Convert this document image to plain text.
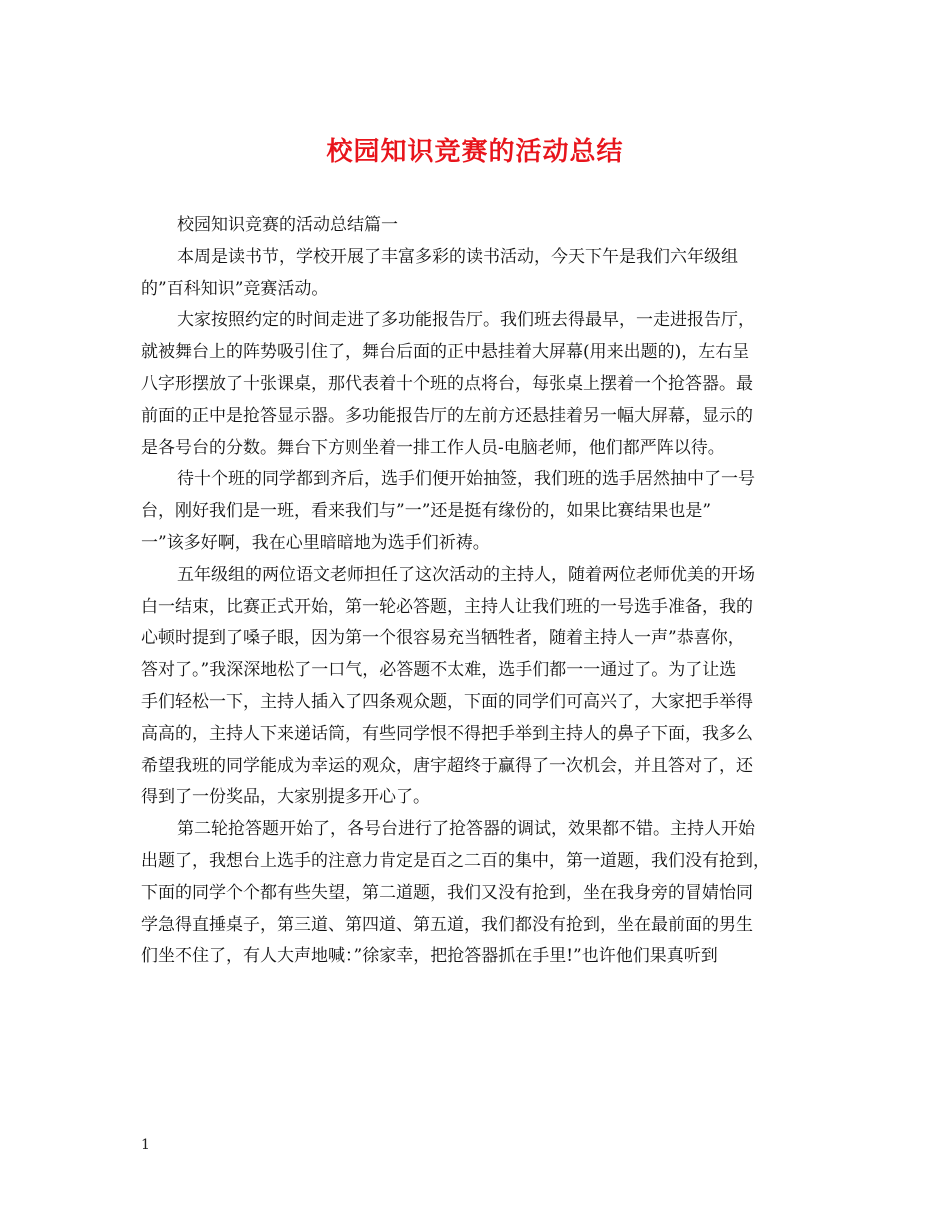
校园知识竞赛的活动总结
校园知识竞赛的活动总结篇一
本周是读书节，学校开展了丰富多彩的读书活动，今天下午是我们六年级组
的”百科知识”竞赛活动。
大家按照约定的时间走进了多功能报告厅。我们班去得最早，一走进报告厅，
就被舞台上的阵势吸引住了，舞台后面的正中悬挂着大屏幕(用来出题的)，左右呈
八字形摆放了十张课桌，那代表着十个班的点将台，每张桌上摆着一个抢答器。最
前面的正中是抢答显示器。多功能报告厅的左前方还悬挂着另一幅大屏幕，显示的
是各号台的分数。舞台下方则坐着一排工作人员-电脑老师，他们都严阵以待。
待十个班的同学都到齐后，选手们便开始抽签，我们班的选手居然抽中了一号
台，刚好我们是一班，看来我们与”一”还是挺有缘份的，如果比赛结果也是”
一”该多好啊，我在心里暗暗地为选手们祈祷。
五年级组的两位语文老师担任了这次活动的主持人，随着两位老师优美的开场
白一结束，比赛正式开始，第一轮必答题，主持人让我们班的一号选手准备，我的
心顿时提到了嗓子眼，因为第一个很容易充当牺牲者，随着主持人一声”恭喜你，
答对了。”我深深地松了一口气，必答题不太难，选手们都一一通过了。为了让选
手们轻松一下，主持人插入了四条观众题，下面的同学们可高兴了，大家把手举得
高高的，主持人下来递话筒，有些同学恨不得把手举到主持人的鼻子下面，我多么
希望我班的同学能成为幸运的观众，唐宇超终于赢得了一次机会，并且答对了，还
得到了一份奖品，大家别提多开心了。
第二轮抢答题开始了，各号台进行了抢答器的调试，效果都不错。主持人开始
出题了，我想台上选手的注意力肯定是百之二百的集中，第一道题，我们没有抢到，
下面的同学个个都有些失望，第二道题，我们又没有抢到，坐在我身旁的冒婧怡同
学急得直捶桌子，第三道、第四道、第五道，我们都没有抢到，坐在最前面的男生
们坐不住了，有人大声地喊：”徐家幸，把抢答器抓在手里!”也许他们果真听到
1
